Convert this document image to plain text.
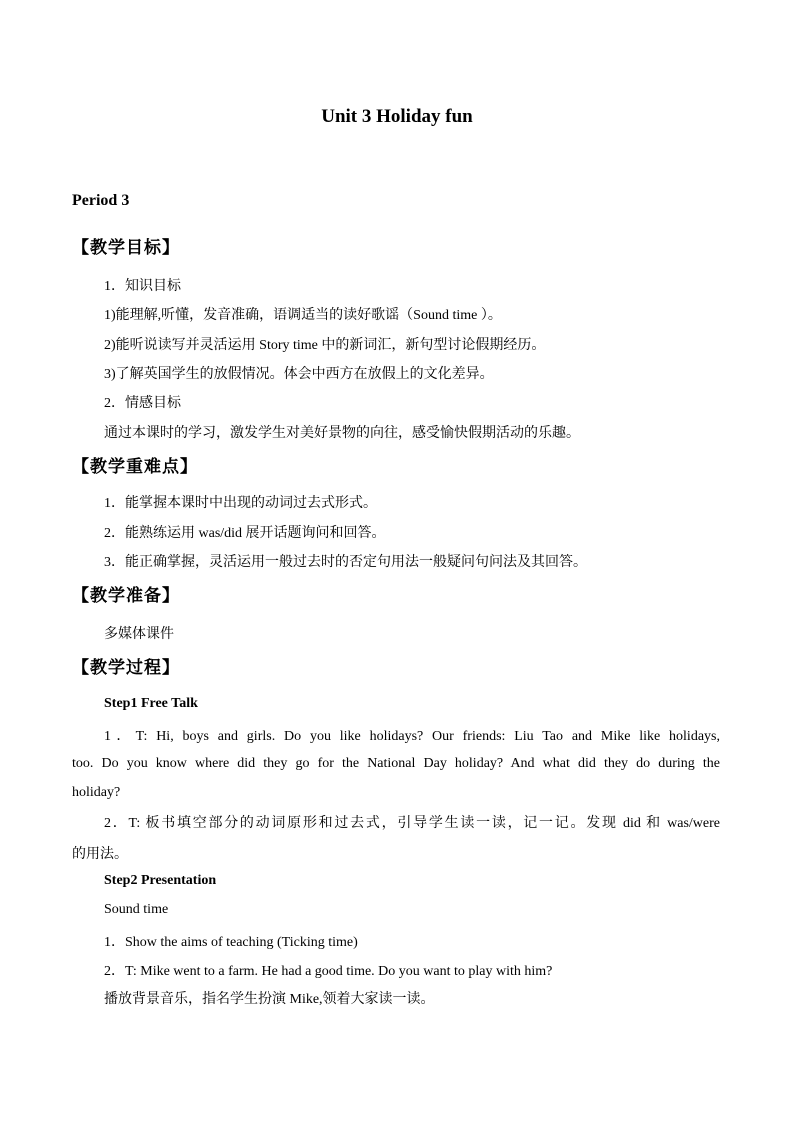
Unit 3 Holiday fun
Period 3
【教学目标】
1．知识目标
1)能理解,听懂，发音准确，语调适当的读好歌谣（Sound time ）。
2)能听说读写并灵活运用 Story time 中的新词汇，新句型讨论假期经历。
3)了解英国学生的放假情况。体会中西方在放假上的文化差异。
2．情感目标
通过本课时的学习，激发学生对美好景物的向往，感受愉快假期活动的乐趣。
【教学重难点】
1．能掌握本课时中出现的动词过去式形式。
2．能熟练运用 was/did 展开话题询问和回答。
3．能正确掌握，灵活运用一般过去时的否定句用法一般疑问句问法及其回答。
【教学准备】
多媒体课件
【教学过程】
Step1 Free Talk
1．T: Hi, boys and girls. Do you like holidays? Our friends: Liu Tao and Mike like holidays,
too. Do you know where did they go for the National Day holiday? And what did they do during the
holiday?
2．T: 板书填空部分的动词原形和过去式，引导学生读一读，记一记。发现 did 和 was/were
的用法。
Step2 Presentation
Sound time
1．Show the aims of teaching (Ticking time)
2．T: Mike went to a farm. He had a good time. Do you want to play with him?
播放背景音乐，指名学生扮演 Mike,领着大家读一读。
